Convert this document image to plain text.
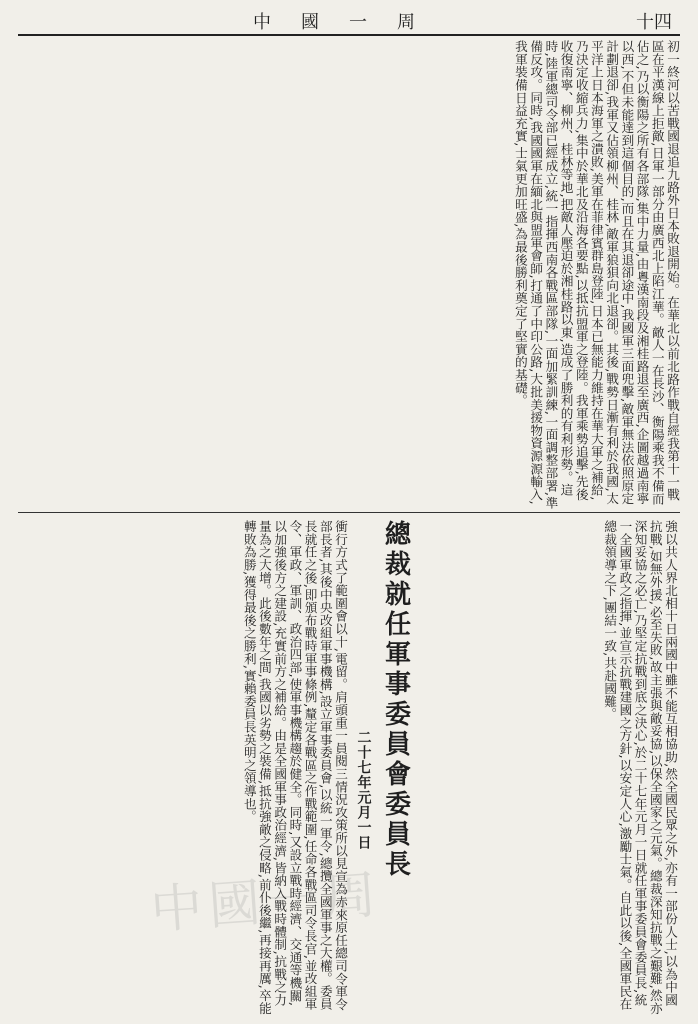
中國一周	十四
初一終河以苦戰國退追九路外日本敗退開始。在華北以前北路作戰自經我第十一戰區在平漢線上拒敵,日軍一部分由廣西北上陷江華。敵人一在長沙、衡陽乘我不備而佔之,乃以衡陽之所有各部隊,集中力量,由粵漢南段及湘桂路退至廣西,企圖越過南寧以西,不但未能達到這個目的,而且在其退卻途中,我國軍三面兜擊,敵軍無法依照原定計劃退卻,我軍又佔領柳州、桂林,敵軍狼狽向北退卻。其後,戰勢日漸有利於我國,太平洋上日本海軍之潰敗,美軍在菲律賓群島登陸,日本已無能力維持在華大軍之補給,乃決定收縮兵力,集中於華北及沿海各要點,以抵抗盟軍之登陸。我軍乘勢追擊,先後收復南寧、柳州、桂林等地,把敵人壓迫於湘桂路以東,造成了勝利的有利形勢。這時,陸軍總司令部已經成立,統一指揮西南各戰區部隊,一面加緊訓練,一面調整部署,準備反攻。同時,我國國軍在緬北與盟軍會師,打通了中印公路,大批美援物資源源輸入,我軍裝備日益充實,士氣更加旺盛,為最後勝利奠定了堅實的基礎。
強以共人界北相十日兩國中雖不能互相協助,然全國民眾之外,亦有一部份人士,以為中國抗戰,如無外援,必至失敗,故主張與敵妥協,以保全國家之元氣。總裁深知抗戰之艱難,然亦深知妥協之必亡,乃堅定抗戰到底之決心,於二十七年元月一日就任軍事委員會委員長,統一全國軍政之指揮,並宣示抗戰建國之方針,以安定人心,激勵士氣。自此以後,全國軍民在總裁領導之下,團結一致,共赴國難。
總裁就任軍事委員會委員長
二十七年元月一日
衝行方式了範圍會以十,電留。肩頭重一員閱三情況攻策所以見宣為赤來原任總司令軍令部長者,其後中央改組軍事機構,設立軍事委員會,以統一軍令,總攬全國軍事之大權。委員長就任之後,即頒布戰時軍事條例,釐定各戰區之作戰範圍,任命各戰區司令長官,並改組軍令、軍政、軍訓、政治四部,使軍事機構趨於健全。同時,又設立戰時經濟、交通等機關,以加強後方之建設,充實前方之補給。由是全國軍事政治經濟,皆納入戰時體制,抗戰之力量為之大增。此後數年之間,我國以劣勢之裝備,抵抗強敵之侵略,前仆後繼,再接再厲,卒能轉敗為勝,獲得最後之勝利,實賴委員長英明之領導也。
中國一周
